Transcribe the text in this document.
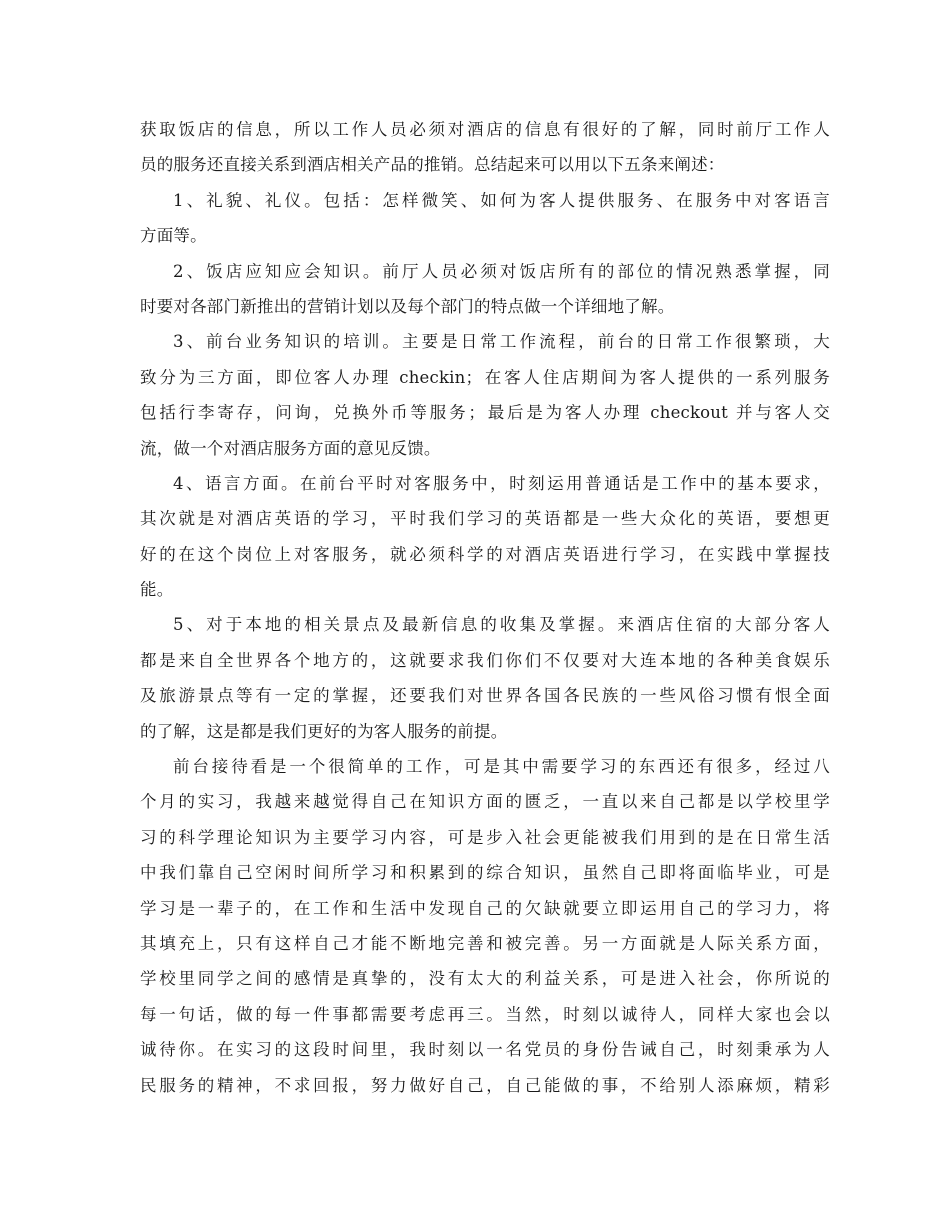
获取饭店的信息，所以工作人员必须对酒店的信息有很好的了解，同时前厅工作人
员的服务还直接关系到酒店相关产品的推销。总结起来可以用以下五条来阐述：
1、礼貌、礼仪。包括：怎样微笑、如何为客人提供服务、在服务中对客语言
方面等。
2、饭店应知应会知识。前厅人员必须对饭店所有的部位的情况熟悉掌握，同
时要对各部门新推出的营销计划以及每个部门的特点做一个详细地了解。
3、前台业务知识的培训。主要是日常工作流程，前台的日常工作很繁琐，大
致分为三方面，即位客人办理 checkin；在客人住店期间为客人提供的一系列服务
包括行李寄存，问询，兑换外币等服务；最后是为客人办理 checkout 并与客人交
流，做一个对酒店服务方面的意见反馈。
4、语言方面。在前台平时对客服务中，时刻运用普通话是工作中的基本要求，
其次就是对酒店英语的学习，平时我们学习的英语都是一些大众化的英语，要想更
好的在这个岗位上对客服务，就必须科学的对酒店英语进行学习，在实践中掌握技
能。
5、对于本地的相关景点及最新信息的收集及掌握。来酒店住宿的大部分客人
都是来自全世界各个地方的，这就要求我们你们不仅要对大连本地的各种美食娱乐
及旅游景点等有一定的掌握，还要我们对世界各国各民族的一些风俗习惯有恨全面
的了解，这是都是我们更好的为客人服务的前提。
前台接待看是一个很简单的工作，可是其中需要学习的东西还有很多，经过八
个月的实习，我越来越觉得自己在知识方面的匮乏，一直以来自己都是以学校里学
习的科学理论知识为主要学习内容，可是步入社会更能被我们用到的是在日常生活
中我们靠自己空闲时间所学习和积累到的综合知识，虽然自己即将面临毕业，可是
学习是一辈子的，在工作和生活中发现自己的欠缺就要立即运用自己的学习力，将
其填充上，只有这样自己才能不断地完善和被完善。另一方面就是人际关系方面，
学校里同学之间的感情是真挚的，没有太大的利益关系，可是进入社会，你所说的
每一句话，做的每一件事都需要考虑再三。当然，时刻以诚待人，同样大家也会以
诚待你。在实习的这段时间里，我时刻以一名党员的身份告诫自己，时刻秉承为人
民服务的精神，不求回报，努力做好自己，自己能做的事，不给别人添麻烦，精彩
